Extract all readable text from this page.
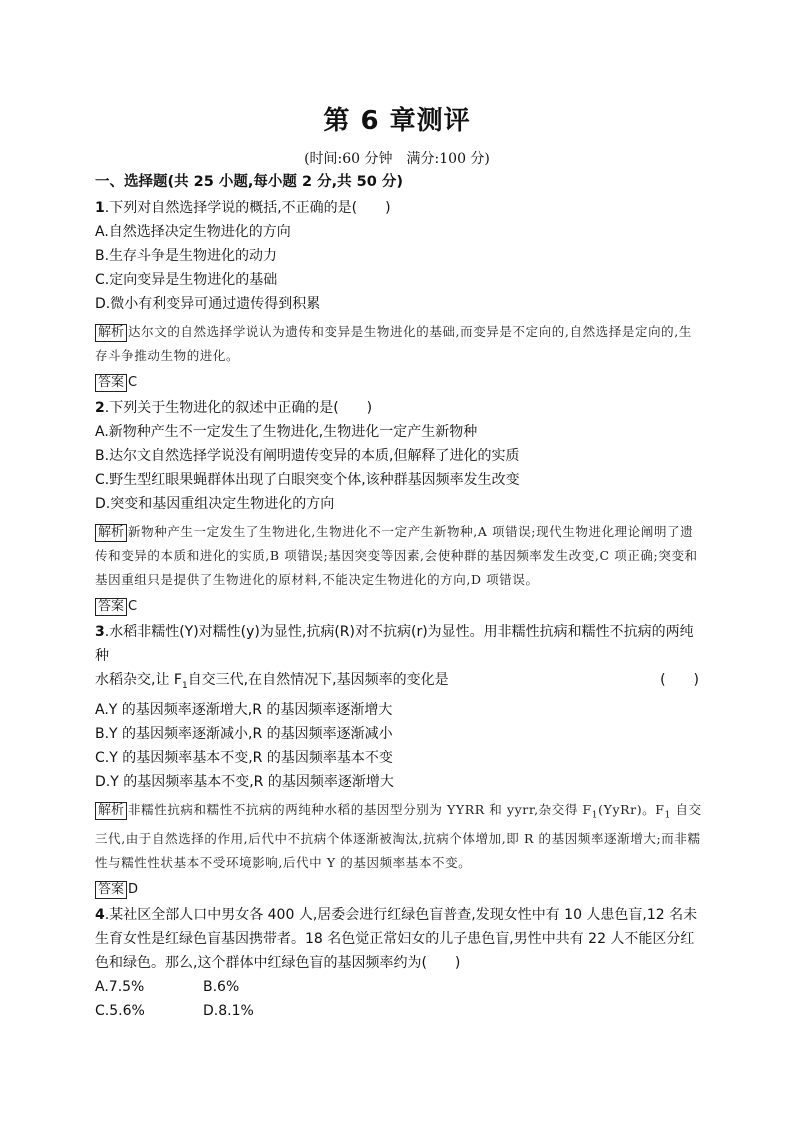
第 6 章测评
(时间:60 分钟　满分:100 分)
一、选择题(共 25 小题,每小题 2 分,共 50 分)
1.下列对自然选择学说的概括,不正确的是(　　)
A.自然选择决定生物进化的方向
B.生存斗争是生物进化的动力
C.定向变异是生物进化的基础
D.微小有利变异可通过遗传得到积累
解析 达尔文的自然选择学说认为遗传和变异是生物进化的基础,而变异是不定向的,自然选择是定向的,生存斗争推动生物的进化。
答案 C
2.下列关于生物进化的叙述中正确的是(　　)
A.新物种产生不一定发生了生物进化,生物进化一定产生新物种
B.达尔文自然选择学说没有阐明遗传变异的本质,但解释了进化的实质
C.野生型红眼果蝇群体出现了白眼突变个体,该种群基因频率发生改变
D.突变和基因重组决定生物进化的方向
解析 新物种产生一定发生了生物进化,生物进化不一定产生新物种,A 项错误;现代生物进化理论阐明了遗传和变异的本质和进化的实质,B 项错误;基因突变等因素,会使种群的基因频率发生改变,C 项正确;突变和基因重组只是提供了生物进化的原材料,不能决定生物进化的方向,D 项错误。
答案 C
3.水稻非糯性(Y)对糯性(y)为显性,抗病(R)对不抗病(r)为显性。用非糯性抗病和糯性不抗病的两纯种
水稻杂交,让 $F_1$自交三代,在自然情况下,基因频率的变化是	(　　)
A.Y 的基因频率逐渐增大,R 的基因频率逐渐增大
B.Y 的基因频率逐渐减小,R 的基因频率逐渐减小
C.Y 的基因频率基本不变,R 的基因频率基本不变
D.Y 的基因频率基本不变,R 的基因频率逐渐增大
解析 非糯性抗病和糯性不抗病的两纯种水稻的基因型分别为 YYRR 和 yyrr,杂交得 $F_1(YyRr)$。$F_1$ 自交三代,由于自然选择的作用,后代中不抗病个体逐渐被淘汰,抗病个体增加,即 R 的基因频率逐渐增大;而非糯性与糯性性状基本不受环境影响,后代中 Y 的基因频率基本不变。
答案 D
4.某社区全部人口中男女各 400 人,居委会进行红绿色盲普查,发现女性中有 10 人患色盲,12 名未生育女性是红绿色盲基因携带者。18 名色觉正常妇女的儿子患色盲,男性中共有 22 人不能区分红色和绿色。那么,这个群体中红绿色盲的基因频率约为(　　)
A.7.5%	B.6%
C.5.6%	D.8.1%
